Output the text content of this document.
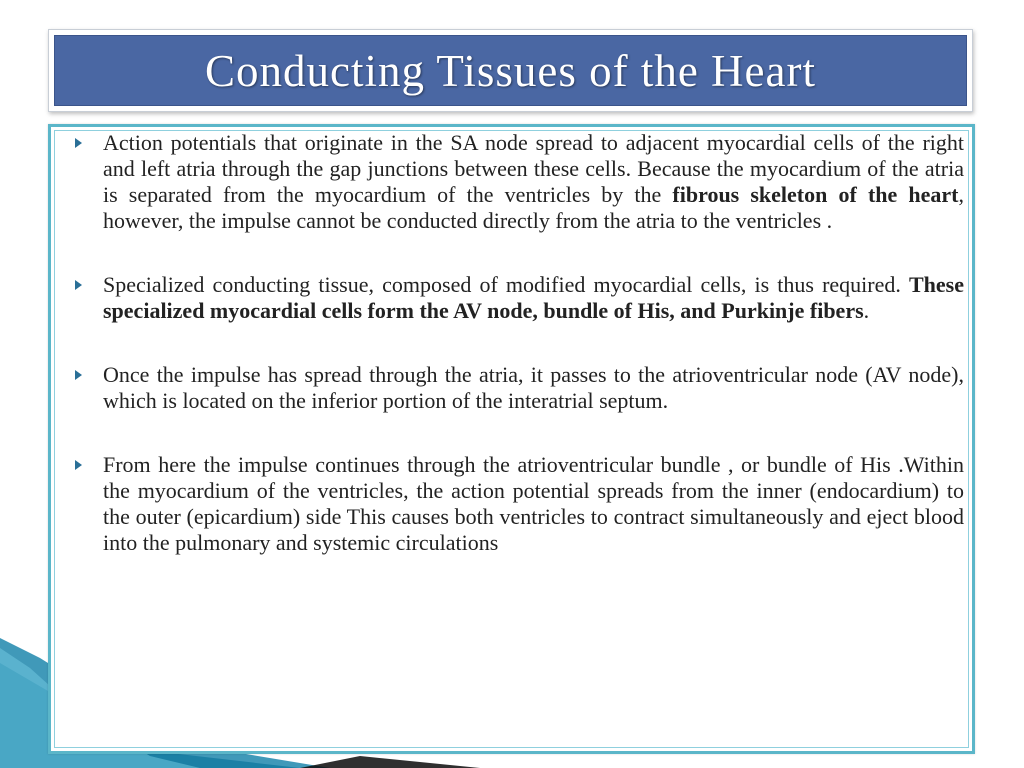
Conducting Tissues of the Heart
Action potentials that originate in the SA node spread to adjacent myocardial cells of the right and left atria through the gap junctions between these cells. Because the myocardium of the atria is separated from the myocardium of the ventricles by the fibrous skeleton of the heart, however, the impulse cannot be conducted directly from the atria to the ventricles .
Specialized conducting tissue, composed of modified myocardial cells, is thus required. These specialized myocardial cells form the AV node, bundle of His, and Purkinje fibers.
Once the impulse has spread through the atria, it passes to the atrioventricular node (AV node), which is located on the inferior portion of the interatrial septum.
From here the impulse continues through the atrioventricular bundle , or bundle of His .Within the myocardium of the ventricles, the action potential spreads from the inner (endocardium) to the outer (epicardium) side This causes both ventricles to contract simultaneously and eject blood into the pulmonary and systemic circulations
